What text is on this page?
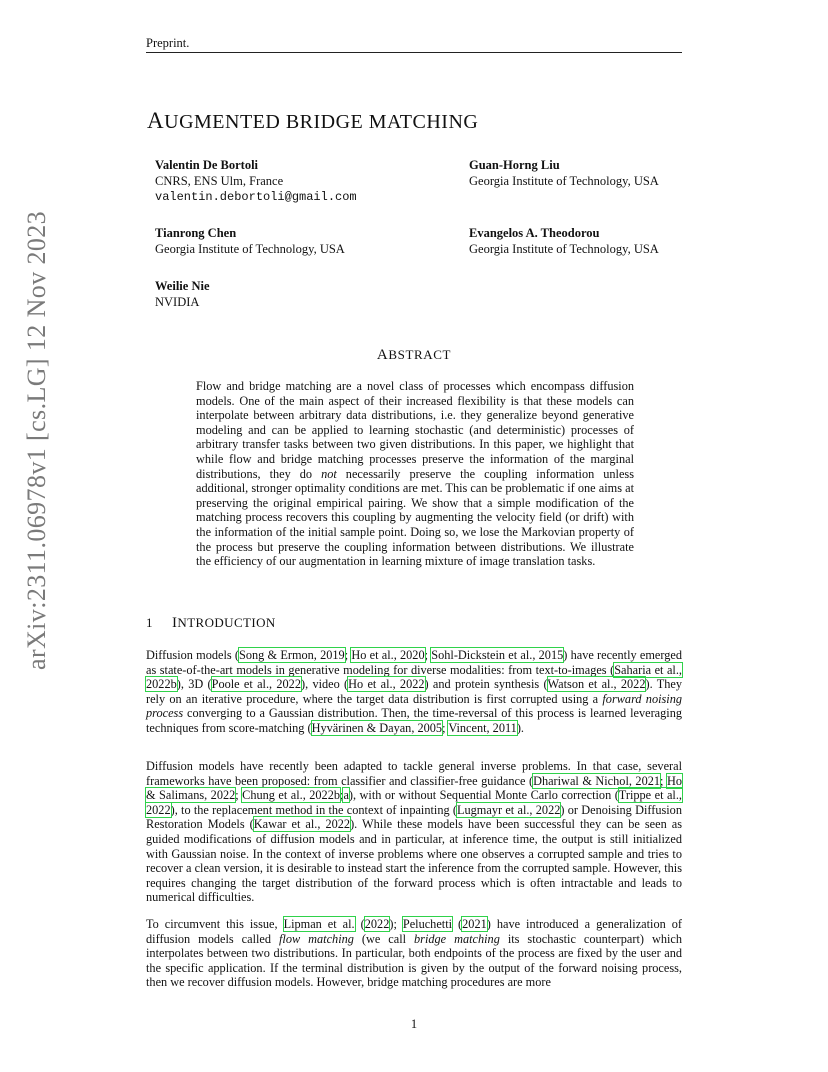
Preprint.
arXiv:2311.06978v1 [cs.LG] 12 Nov 2023
AUGMENTED BRIDGE MATCHING
Valentin De Bortoli
CNRS, ENS Ulm, France
valentin.debortoli@gmail.com
Guan-Horng Liu
Georgia Institute of Technology, USA
Tianrong Chen
Georgia Institute of Technology, USA
Evangelos A. Theodorou
Georgia Institute of Technology, USA
Weilie Nie
NVIDIA
ABSTRACT

Flow and bridge matching are a novel class of processes which encompass diffusion models. One of the main aspect of their increased flexibility is that these models can interpolate between arbitrary data distributions, i.e. they generalize beyond generative modeling and can be applied to learning stochastic (and deterministic) processes of arbitrary transfer tasks between two given distributions. In this paper, we highlight that while flow and bridge matching processes preserve the information of the marginal distributions, they do not necessarily preserve the coupling information unless additional, stronger optimality conditions are met. This can be problematic if one aims at preserving the original empirical pairing. We show that a simple modification of the matching process recovers this coupling by augmenting the velocity field (or drift) with the information of the initial sample point. Doing so, we lose the Markovian property of the process but preserve the coupling information between distributions. We illustrate the efficiency of our augmentation in learning mixture of image translation tasks.

1 INTRODUCTION

Diffusion models (Song & Ermon, 2019; Ho et al., 2020; Sohl-Dickstein et al., 2015) have recently emerged as state-of-the-art models in generative modeling for diverse modalities: from text-to-images (Saharia et al., 2022b), 3D (Poole et al., 2022), video (Ho et al., 2022) and protein synthesis (Watson et al., 2022). They rely on an iterative procedure, where the target data distribution is first corrupted using a forward noising process converging to a Gaussian distribution. Then, the time-reversal of this process is learned leveraging techniques from score-matching (Hyvärinen & Dayan, 2005; Vincent, 2011).

Diffusion models have recently been adapted to tackle general inverse problems. In that case, several frameworks have been proposed: from classifier and classifier-free guidance (Dhariwal & Nichol, 2021; Ho & Salimans, 2022; Chung et al., 2022b;a), with or without Sequential Monte Carlo correction (Trippe et al., 2022), to the replacement method in the context of inpainting (Lugmayr et al., 2022) or Denoising Diffusion Restoration Models (Kawar et al., 2022). While these models have been successful they can be seen as guided modifications of diffusion models and in particular, at inference time, the output is still initialized with Gaussian noise. In the context of inverse problems where one observes a corrupted sample and tries to recover a clean version, it is desirable to instead start the inference from the corrupted sample. However, this requires changing the target distribution of the forward process which is often intractable and leads to numerical difficulties.

To circumvent this issue, Lipman et al. (2022); Peluchetti (2021) have introduced a generalization of diffusion models called flow matching (we call bridge matching its stochastic counterpart) which interpolates between two distributions. In particular, both endpoints of the process are fixed by the user and the specific application. If the terminal distribution is given by the output of the forward noising process, then we recover diffusion models. However, bridge matching procedures are more

1
